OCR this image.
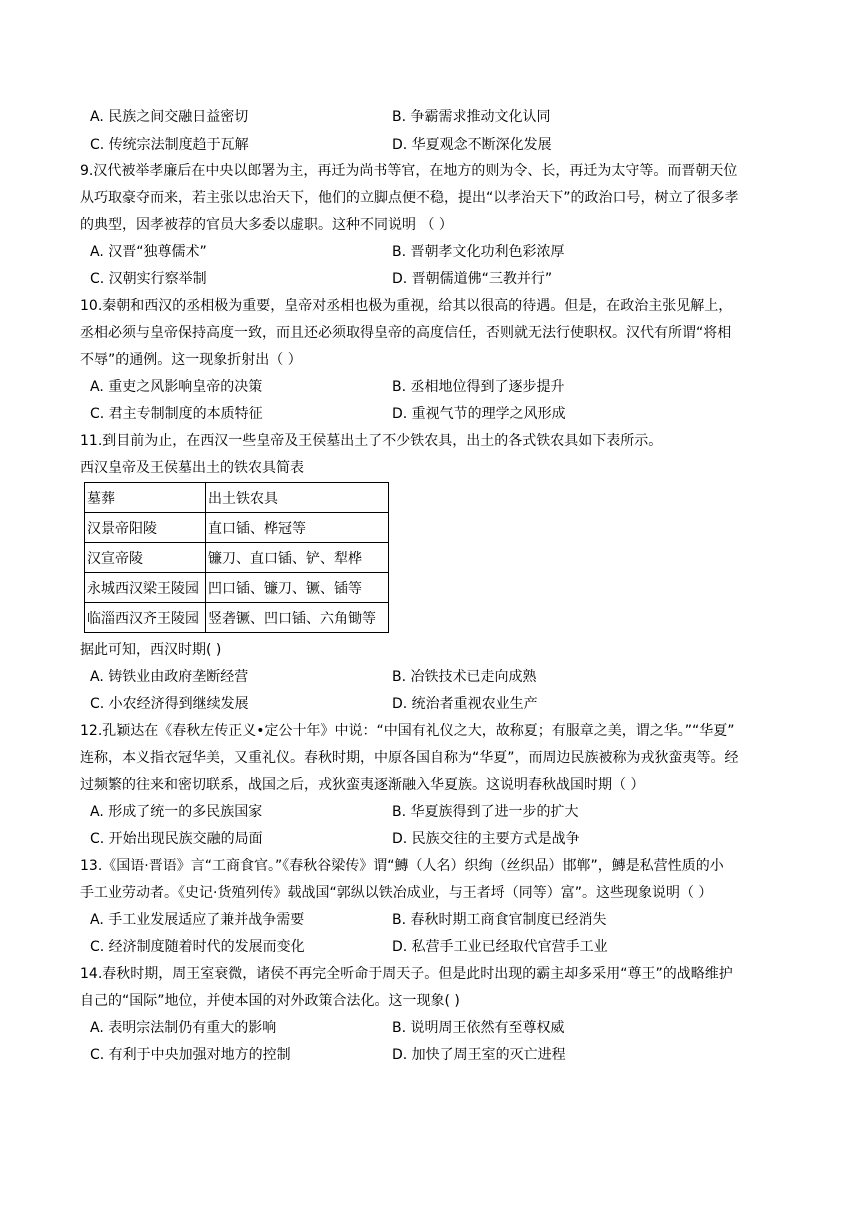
A. 民族之间交融日益密切	B. 争霸需求推动文化认同
C. 传统宗法制度趋于瓦解	D. 华夏观念不断深化发展
9.汉代被举孝廉后在中央以郎署为主，再迁为尚书等官，在地方的则为令、长，再迁为太守等。而晋朝天位
从巧取豪夺而来，若主张以忠治天下，他们的立脚点便不稳，提出“以孝治天下”的政治口号，树立了很多孝
的典型，因孝被荐的官员大多委以虚职。这种不同说明 （ ）
A. 汉晋“独尊儒术”	B. 晋朝孝文化功利色彩浓厚
C. 汉朝实行察举制	D. 晋朝儒道佛“三教并行”
10.秦朝和西汉的丞相极为重要，皇帝对丞相也极为重视，给其以很高的待遇。但是，在政治主张见解上，
丞相必须与皇帝保持高度一致，而且还必须取得皇帝的高度信任，否则就无法行使职权。汉代有所谓“将相
不辱”的通例。这一现象折射出（ ）
A. 重吏之风影响皇帝的决策	B. 丞相地位得到了逐步提升
C. 君主专制制度的本质特征	D. 重视气节的理学之风形成
11.到目前为止，在西汉一些皇帝及王侯墓出土了不少铁农具，出土的各式铁农具如下表所示。
西汉皇帝及王侯墓出土的铁农具简表
墓葬	出土铁农具
汉景帝阳陵	直口锸、桦冠等
汉宣帝陵	镰刀、直口锸、铲、犁桦
永城西汉梁王陵园	凹口锸、镰刀、镢、锸等
临淄西汉齐王陵园	竖砻镢、凹口锸、六角锄等
据此可知，西汉时期( )
A. 铸铁业由政府垄断经营	B. 冶铁技术已走向成熟
C. 小农经济得到继续发展	D. 统治者重视农业生产
12.孔颖达在《春秋左传正义•定公十年》中说：“中国有礼仪之大，故称夏；有服章之美，谓之华。”“华夏”
连称，本义指衣冠华美，又重礼仪。春秋时期，中原各国自称为“华夏”，而周边民族被称为戎狄蛮夷等。经
过频繁的往来和密切联系，战国之后，戎狄蛮夷逐渐融入华夏族。这说明春秋战国时期（ ）
A. 形成了统一的多民族国家	B. 华夏族得到了进一步的扩大
C. 开始出现民族交融的局面	D. 民族交往的主要方式是战争
13.《国语·晋语》言“工商食官。”《春秋谷梁传》谓“鱄（人名）织绚（丝织品）邯郸”，鱄是私营性质的小
手工业劳动者。《史记·货殖列传》载战国“郭纵以铁冶成业，与王者埒（同等）富”。这些现象说明（ ）
A. 手工业发展适应了兼并战争需要	B. 春秋时期工商食官制度已经消失
C. 经济制度随着时代的发展而变化	D. 私营手工业已经取代官营手工业
14.春秋时期，周王室衰微，诸侯不再完全听命于周天子。但是此时出现的霸主却多采用“尊王”的战略维护
自己的“国际”地位，并使本国的对外政策合法化。这一现象( )
A. 表明宗法制仍有重大的影响	B. 说明周王依然有至尊权威
C. 有利于中央加强对地方的控制	D. 加快了周王室的灭亡进程
